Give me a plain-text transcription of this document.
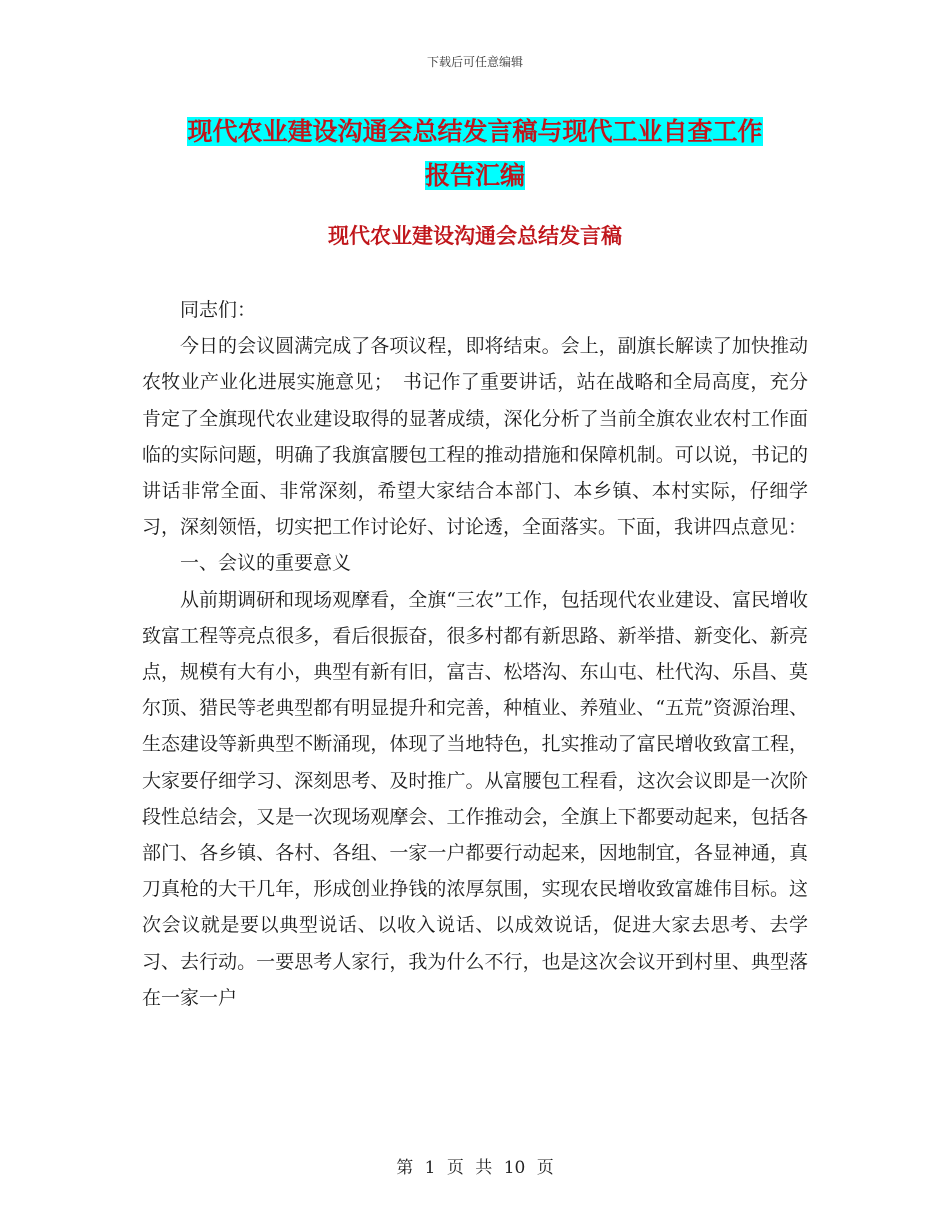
下载后可任意编辑
现代农业建设沟通会总结发言稿与现代工业自查工作
报告汇编
现代农业建设沟通会总结发言稿

同志们：

今日的会议圆满完成了各项议程，即将结束。会上，副旗长解读了加快推动农牧业产业化进展实施意见；　书记作了重要讲话，站在战略和全局高度，充分肯定了全旗现代农业建设取得的显著成绩，深化分析了当前全旗农业农村工作面临的实际问题，明确了我旗富腰包工程的推动措施和保障机制。可以说，书记的讲话非常全面、非常深刻，希望大家结合本部门、本乡镇、本村实际，仔细学习，深刻领悟，切实把工作讨论好、讨论透，全面落实。下面，我讲四点意见：

一、会议的重要意义

从前期调研和现场观摩看，全旗“三农”工作，包括现代农业建设、富民增收致富工程等亮点很多，看后很振奋，很多村都有新思路、新举措、新变化、新亮点，规模有大有小，典型有新有旧，富吉、松塔沟、东山屯、杜代沟、乐昌、莫尔顶、猎民等老典型都有明显提升和完善，种植业、养殖业、“五荒”资源治理、生态建设等新典型不断涌现，体现了当地特色，扎实推动了富民增收致富工程，大家要仔细学习、深刻思考、及时推广。从富腰包工程看，这次会议即是一次阶段性总结会，又是一次现场观摩会、工作推动会，全旗上下都要动起来，包括各部门、各乡镇、各村、各组、一家一户都要行动起来，因地制宜，各显神通，真刀真枪的大干几年，形成创业挣钱的浓厚氛围，实现农民增收致富雄伟目标。这次会议就是要以典型说话、以收入说话、以成效说话，促进大家去思考、去学习、去行动。一要思考人家行，我为什么不行，也是这次会议开到村里、典型落在一家一户

第 1 页 共 10 页
